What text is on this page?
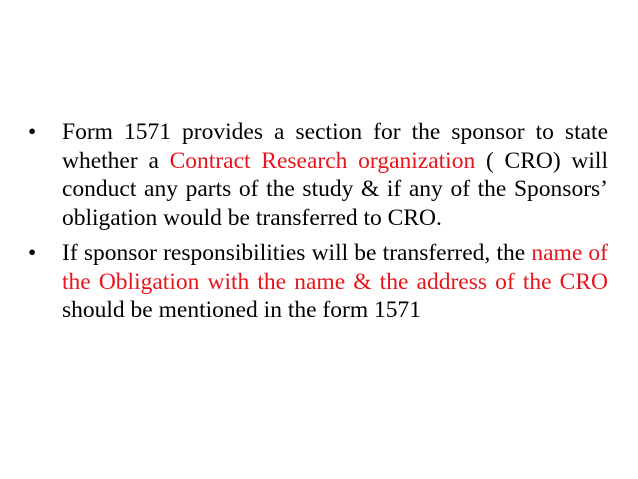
• Form 1571 provides a section for the sponsor to state whether a Contract Research organization ( CRO) will conduct any parts of the study & if any of the Sponsors’ obligation would be transferred to CRO.
• If sponsor responsibilities will be transferred, the name of the Obligation with the name & the address of the CRO should be mentioned in the form 1571
